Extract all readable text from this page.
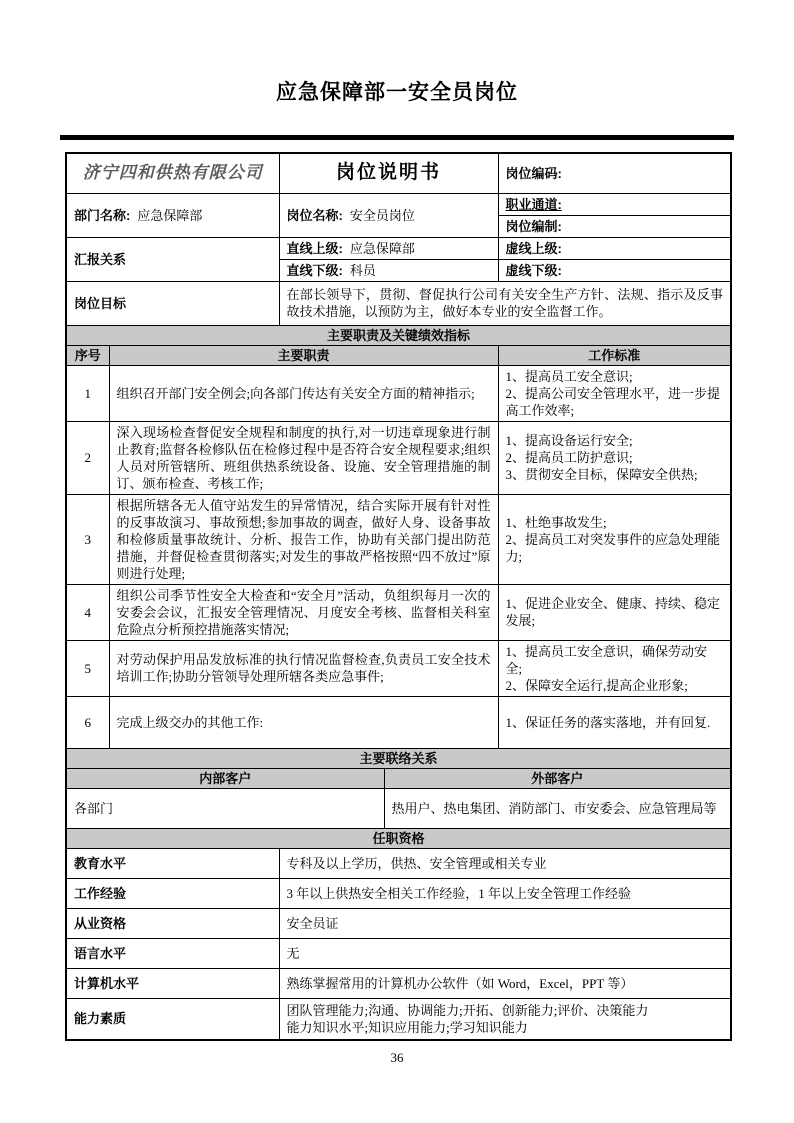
应急保障部一安全员岗位
济宁四和供热有限公司		岗位说明书		岗位编码:
部门名称: 应急保障部		岗位名称: 安全员岗位		职业通道:
				岗位编制:
汇报关系		直线上级: 应急保障部		虚线上级:
		直线下级: 科员		虚线下级:
岗位目标		在部长领导下，贯彻、督促执行公司有关安全生产方针、法规、指示及反事故技术措施，以预防为主，做好本专业的安全监督工作。		
主要职责及关键绩效指标				
序号	主要职责			工作标准
1	组织召开部门安全例会;向各部门传达有关安全方面的精神指示;			1、提高员工安全意识;
2、提高公司安全管理水平，进一步提高工作效率;

2	深入现场检查督促安全规程和制度的执行,对一切违章现象进行制止教育;监督各检修队伍在检修过程中是否符合安全规程要求;组织人员对所管辖所、班组供热系统设备、设施、安全管理措施的制订、颁布检查、考核工作;			1、提高设备运行安全;
2、提高员工防护意识;
3、贯彻安全目标，保障安全供热;

3	根据所辖各无人值守站发生的异常情况，结合实际开展有针对性的反事故演习、事故预想;参加事故的调查，做好人身、设备事故和检修质量事故统计、分析、报告工作，协助有关部门提出防范措施，并督促检查贯彻落实;对发生的事故严格按照“四不放过”原则进行处理;			1、杜绝事故发生;
2、提高员工对突发事件的应急处理能力;

4	组织公司季节性安全大检查和“安全月”活动，负组织每月一次的安委会会议，汇报安全管理情况、月度安全考核、监督相关科室危险点分析预控措施落实情况;			1、促进企业安全、健康、持续、稳定发展;

5	对劳动保护用品发放标准的执行情况监督检查,负责员工安全技术培训工作;协助分管领导处理所辖各类应急事件;			1、提高员工安全意识，确保劳动安全;
2、保障安全运行,提高企业形象;

6	完成上级交办的其他工作:			1、保证任务的落实落地，并有回复.

主要联络关系				
内部客户			外部客户	
各部门			热用户、热电集团、消防部门、市安委会、应急管理局等	
任职资格				
教育水平		专科及以上学历，供热、安全管理或相关专业		
工作经验		3 年以上供热安全相关工作经验，1 年以上安全管理工作经验		
从业资格		安全员证		
语言水平		无		
计算机水平		熟练掌握常用的计算机办公软件（如 Word，Excel，PPT 等）		
能力素质		团队管理能力;沟通、协调能力;开拓、创新能力;评价、决策能力
能力知识水平;知识应用能力;学习知识能力		
36
